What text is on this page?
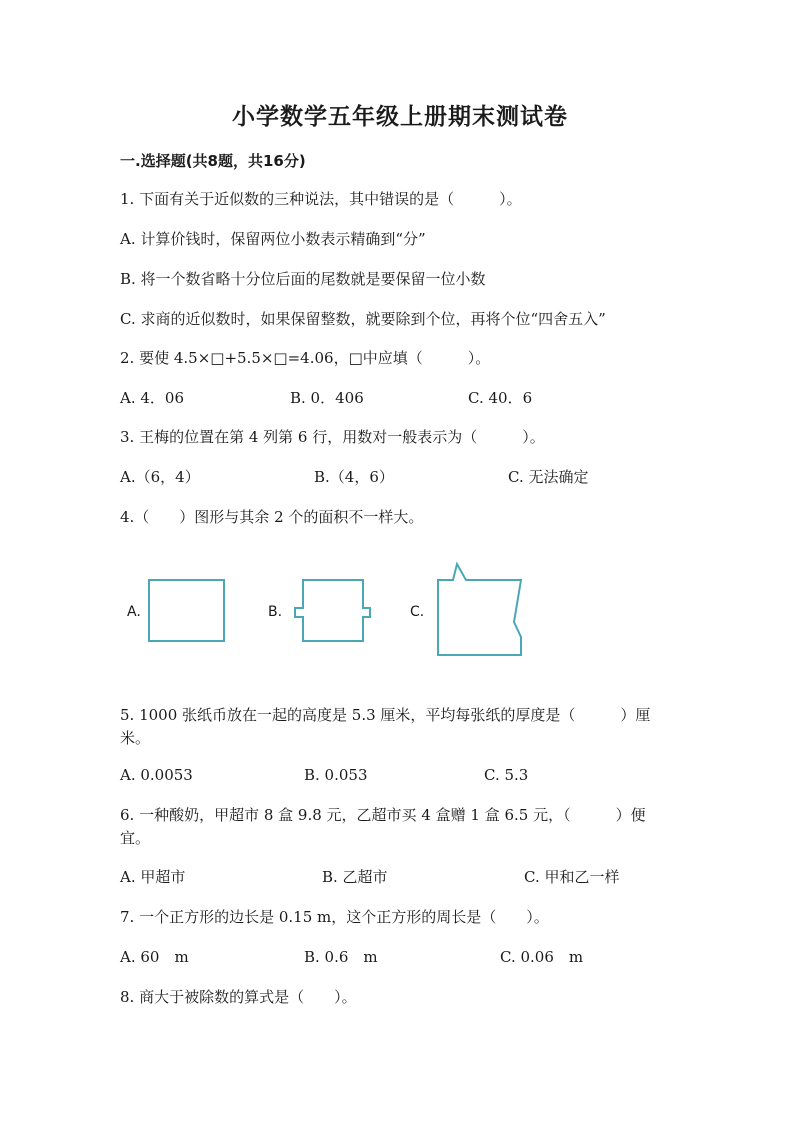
小学数学五年级上册期末测试卷
一.选择题(共8题，共16分)
1. 下面有关于近似数的三种说法，其中错误的是（　　　）。
A. 计算价钱时，保留两位小数表示精确到“分”
B. 将一个数省略十分位后面的尾数就是要保留一位小数
C. 求商的近似数时，如果保留整数，就要除到个位，再将个位“四舍五入”
2. 要使 4.5×□+5.5×□=4.06，□中应填（　　　）。
A. 4．06	B. 0．406	C. 40．6
3. 王梅的位置在第 4 列第 6 行，用数对一般表示为（　　　）。
A.（6，4）	B.（4，6）	C. 无法确定
4.（　　）图形与其余 2 个的面积不一样大。
A.	B.	C.
5. 1000 张纸币放在一起的高度是 5.3 厘米，平均每张纸的厚度是（　　　）厘米。
A. 0.0053	B. 0.053	C. 5.3
6. 一种酸奶，甲超市 8 盒 9.8 元，乙超市买 4 盒赠 1 盒 6.5 元，（　　　）便宜。
A. 甲超市	B. 乙超市	C. 甲和乙一样
7. 一个正方形的边长是 0.15 m，这个正方形的周长是（　　）。
A. 60　m	B. 0.6　m	C. 0.06　m
8. 商大于被除数的算式是（　　）。
